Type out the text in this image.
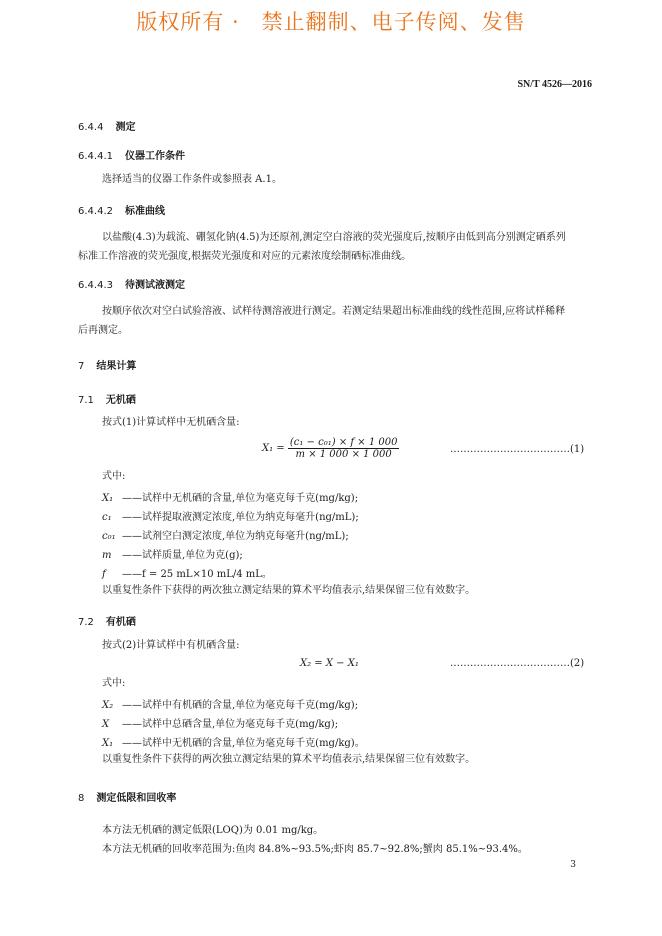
版权所有 ·　禁止翻制、电子传阅、发售
SN/T 4526—2016
6.4.4 测定
6.4.4.1 仪器工作条件
选择适当的仪器工作条件或参照表 A.1。
6.4.4.2 标准曲线
以盐酸(4.3)为载流、硼氢化钠(4.5)为还原剂,测定空白溶液的荧光强度后,按顺序由低到高分别测定硒系列标准工作溶液的荧光强度,根据荧光强度和对应的元素浓度绘制硒标准曲线。
6.4.4.3 待测试液测定
按顺序依次对空白试验溶液、试样待测溶液进行测定。若测定结果超出标准曲线的线性范围,应将试样稀释后再测定。
7 结果计算
7.1 无机硒
按式(1)计算试样中无机硒含量:
$X_1 = \frac{\text{(c₁ − c₀₁) × f × 1 000}}{m \times 1 000 \times 1 000}$	………………………………(1)
式中:
X₁ ——试样中无机硒的含量,单位为毫克每千克(mg/kg);
c₁ ——试样提取液测定浓度,单位为纳克每毫升(ng/mL);
c₀₁ ——试剂空白测定浓度,单位为纳克每毫升(ng/mL);
m ——试样质量,单位为克(g);
f ——f = 25 mL×10 mL/4 mL。
以重复性条件下获得的两次独立测定结果的算术平均值表示,结果保留三位有效数字。
7.2 有机硒
按式(2)计算试样中有机硒含量:
X₂ = X − X₁	………………………………(2)
式中:
X₂ ——试样中有机硒的含量,单位为毫克每千克(mg/kg);
X ——试样中总硒含量,单位为毫克每千克(mg/kg);
X₁ ——试样中无机硒的含量,单位为毫克每千克(mg/kg)。
以重复性条件下获得的两次独立测定结果的算术平均值表示,结果保留三位有效数字。
8 测定低限和回收率
本方法无机硒的测定低限(LOQ)为 0.01 mg/kg。
本方法无机硒的回收率范围为:鱼肉 84.8%~93.5%;虾肉 85.7~92.8%;蟹肉 85.1%~93.4%。
3
